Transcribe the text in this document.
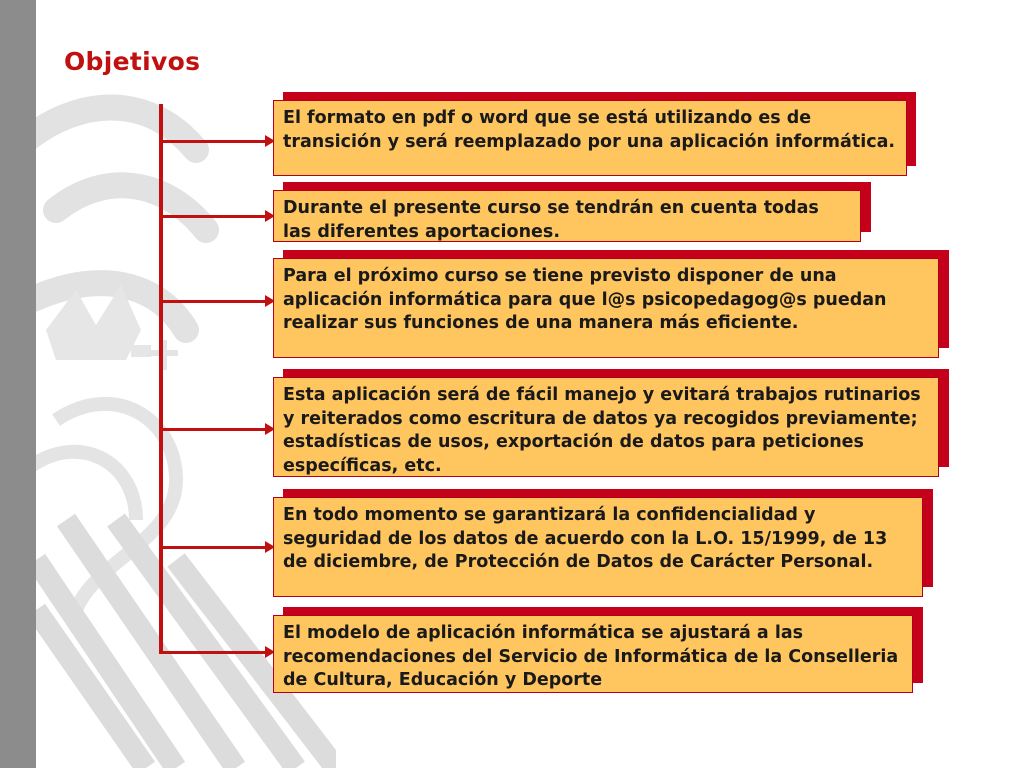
Objetivos
El formato en pdf o word que se está utilizando es de transición y será reemplazado por una aplicación informática.
Durante el presente curso se tendrán en cuenta todas las diferentes aportaciones.
Para el próximo curso se tiene previsto disponer de una aplicación informática para que l@s psicopedagog@s puedan realizar sus funciones de una manera más eficiente.
Esta aplicación será de fácil manejo y evitará trabajos rutinarios y reiterados como escritura de datos ya recogidos previamente; estadísticas de usos, exportación de datos para peticiones específicas, etc.
En todo momento se garantizará la confidencialidad y seguridad de los datos de acuerdo con la L.O. 15/1999, de 13 de diciembre, de Protección de Datos de Carácter Personal.
El modelo de aplicación informática se ajustará a las recomendaciones del Servicio de Informática de la Conselleria de Cultura, Educación y Deporte
